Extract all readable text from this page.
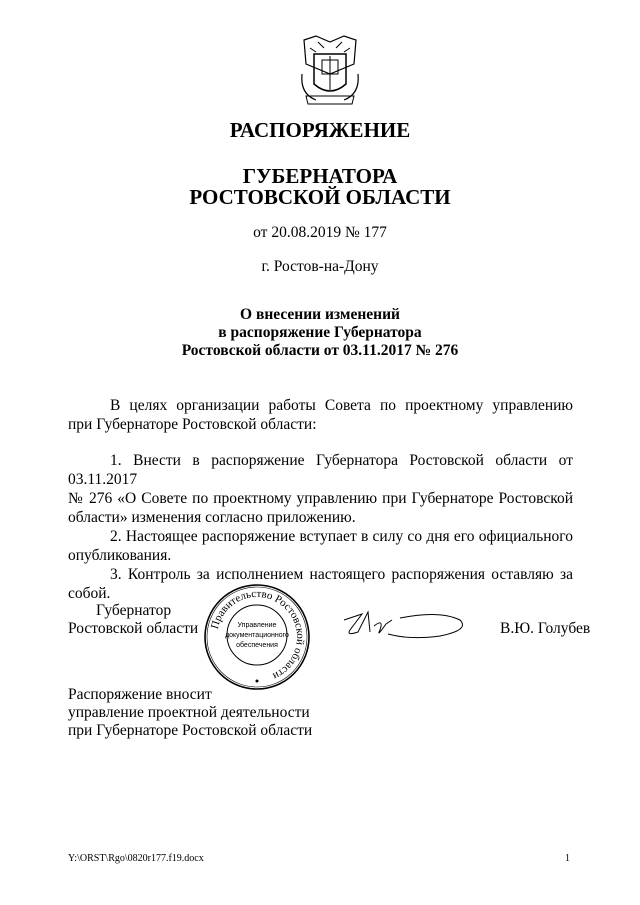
РАСПОРЯЖЕНИЕ
ГУБЕРНАТОРА
РОСТОВСКОЙ ОБЛАСТИ
от 20.08.2019 № 177
г. Ростов-на-Дону
О внесении изменений
в распоряжение Губернатора
Ростовской области от 03.11.2017 № 276

В целях организации работы Совета по проектному управлению

при Губернаторе Ростовской области:

1. Внести в распоряжение Губернатора Ростовской области от 03.11.2017

№ 276 «О Совете по проектному управлению при Губернаторе Ростовской

области» изменения согласно приложению.

2. Настоящее распоряжение вступает в силу со дня его официального

опубликования.

3. Контроль за исполнением настоящего распоряжения оставляю за собой.

Губернатор
Ростовской области Правительство Ростовской области
Управление
документационного
обеспечения
В.Ю. Голубев
Распоряжение вносит
управление проектной деятельности
при Губернаторе Ростовской области
Y:\ORST\Rgo\0820r177.f19.docx	1
